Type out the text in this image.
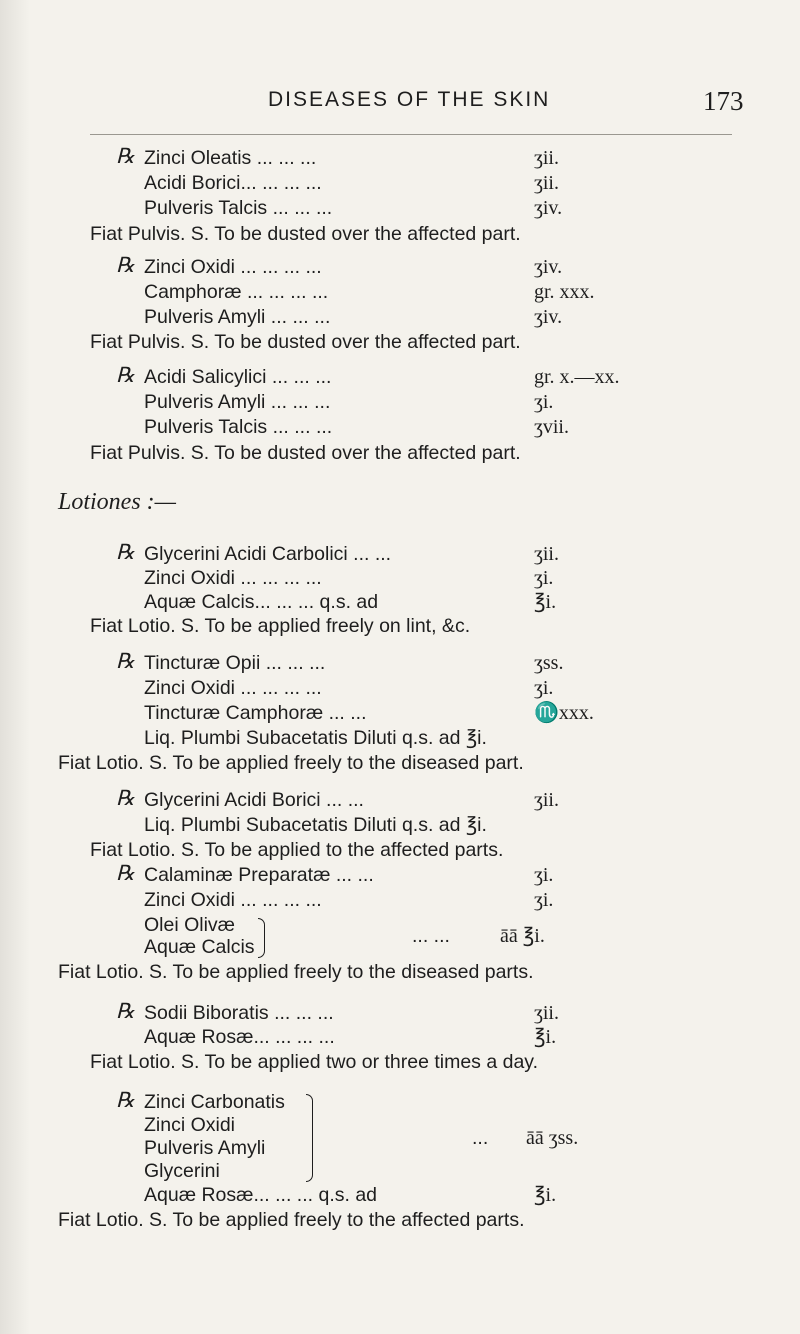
DISEASES OF THE SKIN	173
℞ Zinci Oleatis ... ... ...	ʒii.
Acidi Borici... ... ... ...	ʒii.
Pulveris Talcis ... ... ...	ʒiv.
Fiat Pulvis. S. To be dusted over the affected part.
℞ Zinci Oxidi ... ... ... ...	ʒiv.
Camphoræ ... ... ... ...	gr. xxx.
Pulveris Amyli ... ... ...	ʒiv.
Fiat Pulvis. S. To be dusted over the affected part.
℞ Acidi Salicylici ... ... ...	gr. x.—xx.
Pulveris Amyli ... ... ...	ʒi.
Pulveris Talcis ... ... ...	ʒvii.
Fiat Pulvis. S. To be dusted over the affected part.
Lotiones :—
℞ Glycerini Acidi Carbolici ... ...	ʒii.
Zinci Oxidi ... ... ... ...	ʒi.
Aquæ Calcis... ... ... q.s. ad	℥i.
Fiat Lotio. S. To be applied freely on lint, &c.
℞ Tincturæ Opii ... ... ...	ʒss.
Zinci Oxidi ... ... ... ...	ʒi.
Tincturæ Camphoræ ... ...	♏xxx.
Liq. Plumbi Subacetatis Diluti q.s. ad ℥i.
Fiat Lotio. S. To be applied freely to the diseased part.
℞ Glycerini Acidi Borici ... ...	ʒii.
Liq. Plumbi Subacetatis Diluti q.s. ad ℥i.
Fiat Lotio. S. To be applied to the affected parts.
℞ Calaminæ Preparatæ ... ...	ʒi.
Zinci Oxidi ... ... ... ...	ʒi.
Olei Olivæ
Aquæ Calcis	... ...	āā ℥i.
Fiat Lotio. S. To be applied freely to the diseased parts.
℞ Sodii Biboratis ... ... ...	ʒii.
Aquæ Rosæ... ... ... ...	℥i.
Fiat Lotio. S. To be applied two or three times a day.
℞ Zinci Carbonatis
Zinci Oxidi
Pulveris Amyli
Glycerini
... āā ʒss.
Aquæ Rosæ... ... ... q.s. ad	℥i.
Fiat Lotio. S. To be applied freely to the affected parts.
